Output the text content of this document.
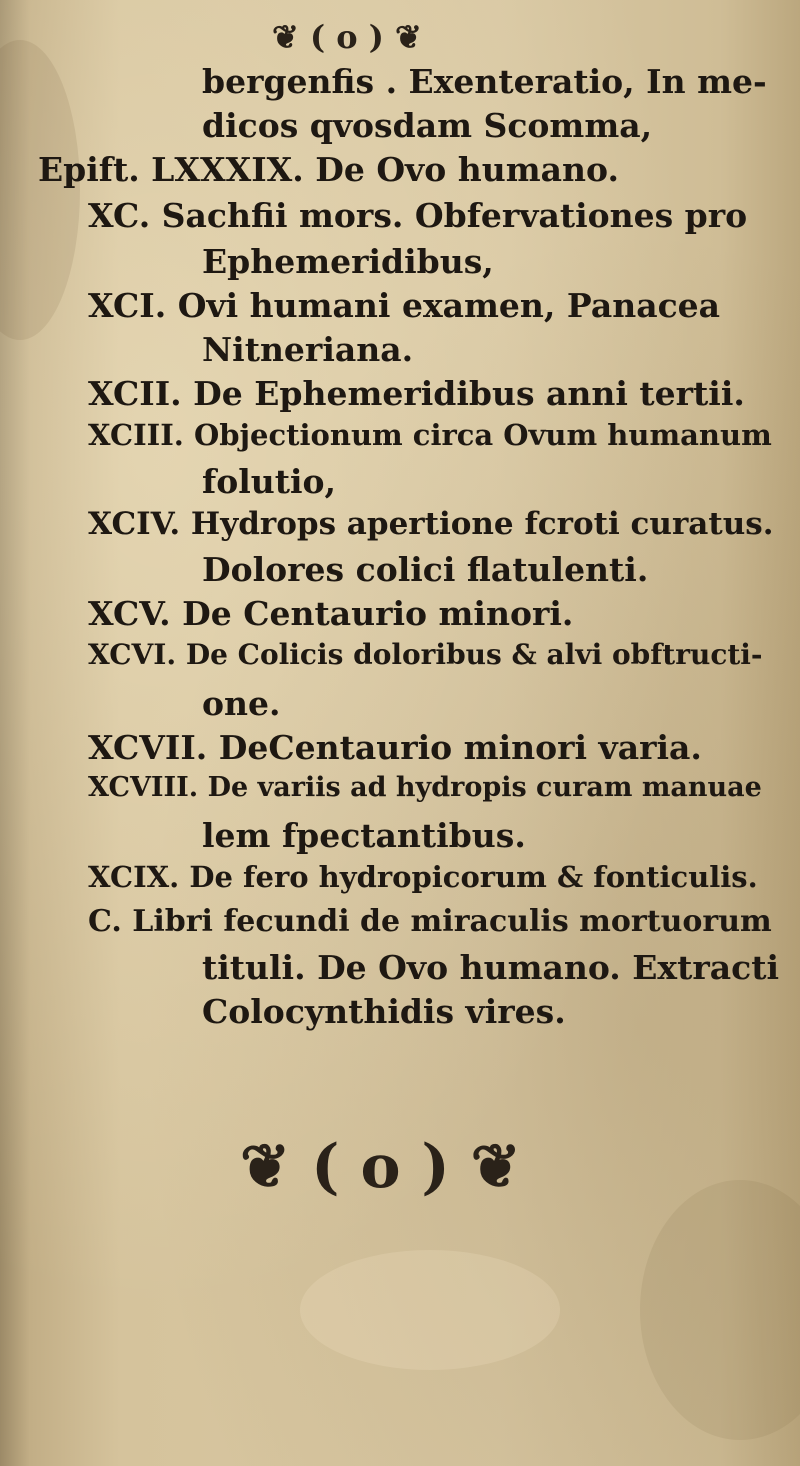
❦ ( o ) ❦
bergenfis . Exenteratio, In me-
dicos qvosdam Scomma,
Epift. LXXXIX. De Ovo humano.
XC. Sachfii mors. Obfervationes pro
Ephemeridibus,
XCI. Ovi humani examen, Panacea
Nitneriana.
XCII. De Ephemeridibus anni tertii.
XCIII. Objectionum circa Ovum humanum
folutio,
XCIV. Hydrops apertione fcroti curatus.
Dolores colici flatulenti.
XCV. De Centaurio minori.
XCVI. De Colicis doloribus & alvi obftructi-
one.
XCVII. DeCentaurio minori varia.
XCVIII. De variis ad hydropis curam manuae
lem fpectantibus.
XCIX. De fero hydropicorum & fonticulis.
C. Libri fecundi de miraculis mortuorum
tituli. De Ovo humano. Extracti
Colocynthidis vires.
❦ ( o ) ❦
